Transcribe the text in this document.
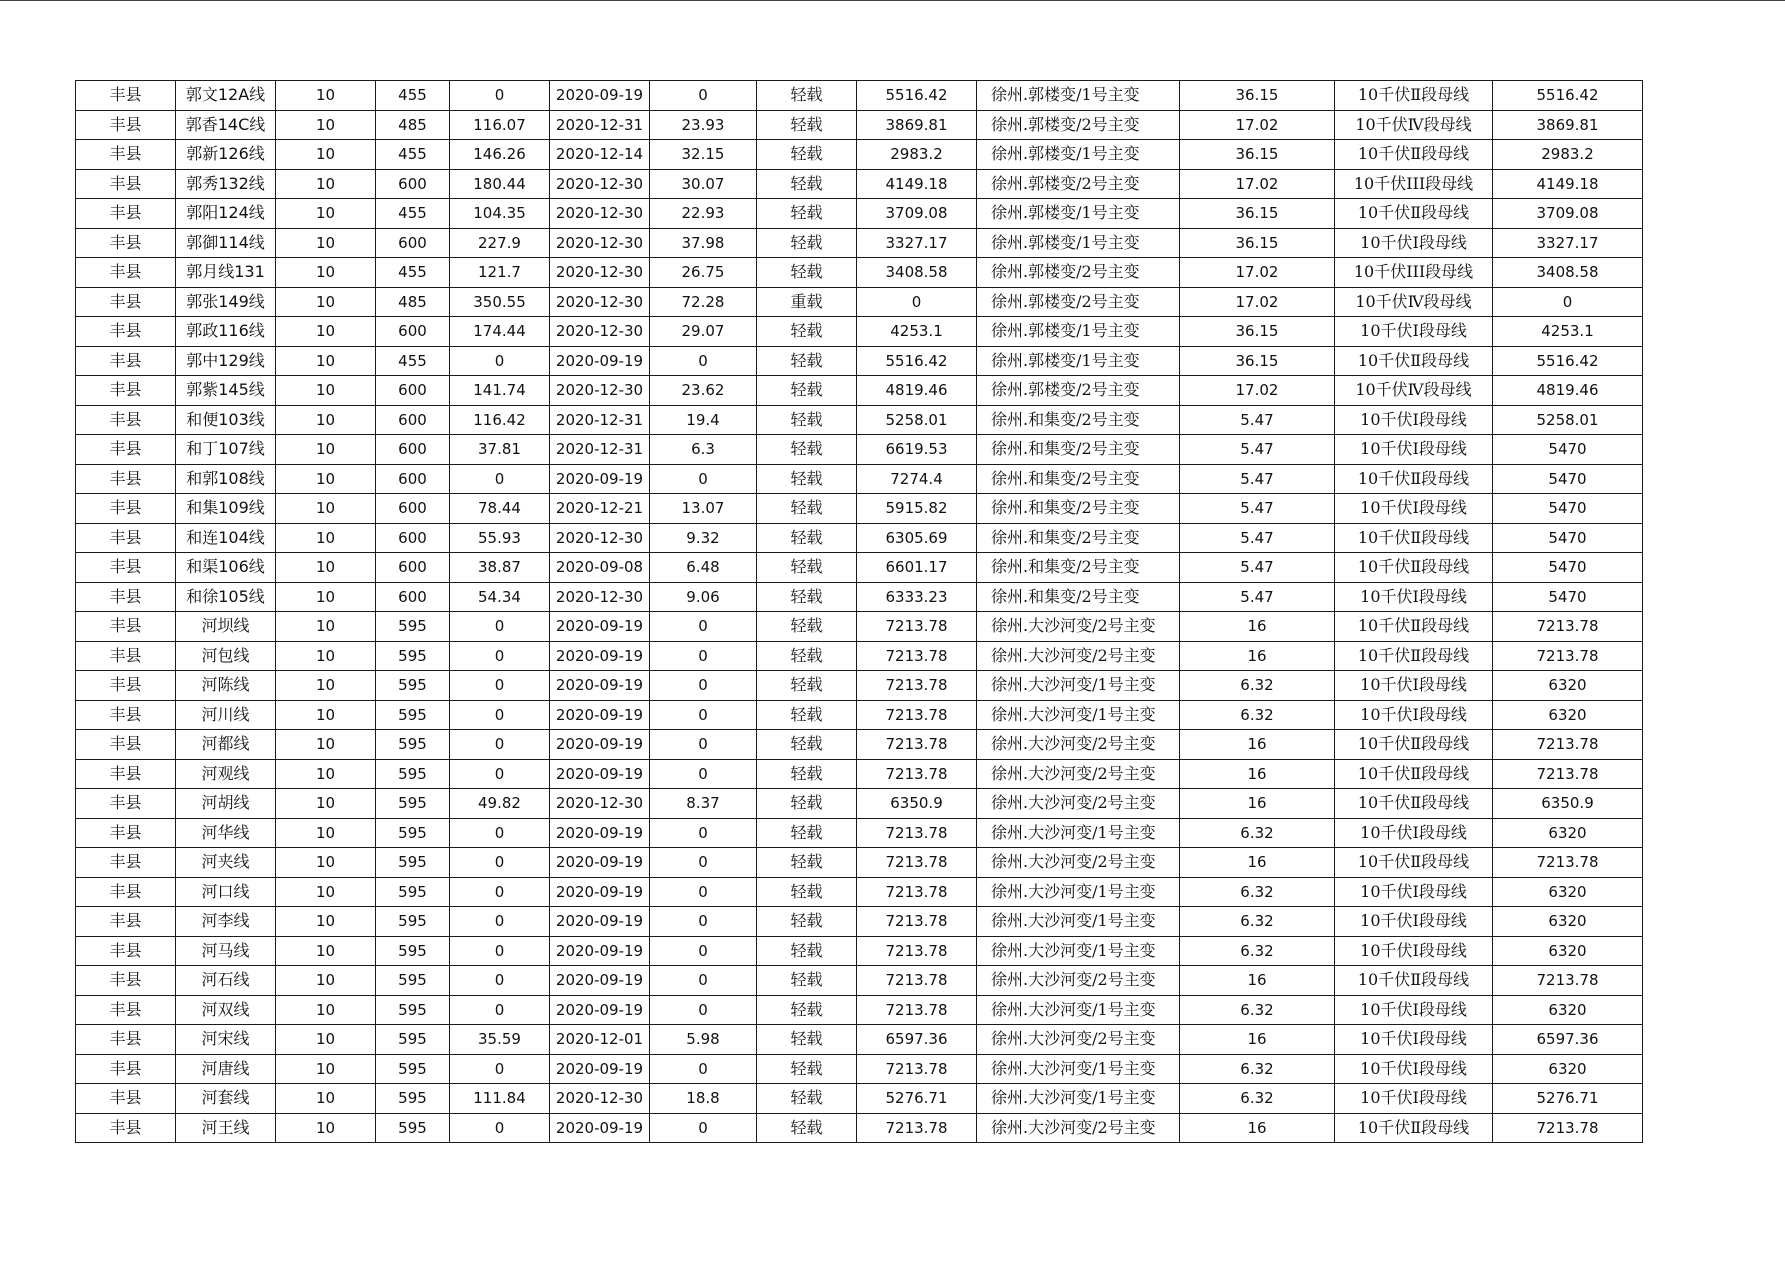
丰县	郭文12A线	10	455	0	2020-09-19	0	轻载	5516.42	徐州.郭楼变/1号主变	36.15	10千伏Ⅱ段母线	5516.42
丰县	郭香14C线	10	485	116.07	2020-12-31	23.93	轻载	3869.81	徐州.郭楼变/2号主变	17.02	10千伏Ⅳ段母线	3869.81
丰县	郭新126线	10	455	146.26	2020-12-14	32.15	轻载	2983.2	徐州.郭楼变/1号主变	36.15	10千伏Ⅱ段母线	2983.2
丰县	郭秀132线	10	600	180.44	2020-12-30	30.07	轻载	4149.18	徐州.郭楼变/2号主变	17.02	10千伏III段母线	4149.18
丰县	郭阳124线	10	455	104.35	2020-12-30	22.93	轻载	3709.08	徐州.郭楼变/1号主变	36.15	10千伏Ⅱ段母线	3709.08
丰县	郭御114线	10	600	227.9	2020-12-30	37.98	轻载	3327.17	徐州.郭楼变/1号主变	36.15	10千伏Ⅰ段母线	3327.17
丰县	郭月线131	10	455	121.7	2020-12-30	26.75	轻载	3408.58	徐州.郭楼变/2号主变	17.02	10千伏III段母线	3408.58
丰县	郭张149线	10	485	350.55	2020-12-30	72.28	重载	0	徐州.郭楼变/2号主变	17.02	10千伏Ⅳ段母线	0
丰县	郭政116线	10	600	174.44	2020-12-30	29.07	轻载	4253.1	徐州.郭楼变/1号主变	36.15	10千伏Ⅰ段母线	4253.1
丰县	郭中129线	10	455	0	2020-09-19	0	轻载	5516.42	徐州.郭楼变/1号主变	36.15	10千伏Ⅱ段母线	5516.42
丰县	郭紫145线	10	600	141.74	2020-12-30	23.62	轻载	4819.46	徐州.郭楼变/2号主变	17.02	10千伏Ⅳ段母线	4819.46
丰县	和便103线	10	600	116.42	2020-12-31	19.4	轻载	5258.01	徐州.和集变/2号主变	5.47	10千伏Ⅰ段母线	5258.01
丰县	和丁107线	10	600	37.81	2020-12-31	6.3	轻载	6619.53	徐州.和集变/2号主变	5.47	10千伏Ⅰ段母线	5470
丰县	和郭108线	10	600	0	2020-09-19	0	轻载	7274.4	徐州.和集变/2号主变	5.47	10千伏Ⅱ段母线	5470
丰县	和集109线	10	600	78.44	2020-12-21	13.07	轻载	5915.82	徐州.和集变/2号主变	5.47	10千伏Ⅰ段母线	5470
丰县	和连104线	10	600	55.93	2020-12-30	9.32	轻载	6305.69	徐州.和集变/2号主变	5.47	10千伏Ⅱ段母线	5470
丰县	和渠106线	10	600	38.87	2020-09-08	6.48	轻载	6601.17	徐州.和集变/2号主变	5.47	10千伏Ⅱ段母线	5470
丰县	和徐105线	10	600	54.34	2020-12-30	9.06	轻载	6333.23	徐州.和集变/2号主变	5.47	10千伏Ⅰ段母线	5470
丰县	河坝线	10	595	0	2020-09-19	0	轻载	7213.78	徐州.大沙河变/2号主变	16	10千伏Ⅱ段母线	7213.78
丰县	河包线	10	595	0	2020-09-19	0	轻载	7213.78	徐州.大沙河变/2号主变	16	10千伏Ⅱ段母线	7213.78
丰县	河陈线	10	595	0	2020-09-19	0	轻载	7213.78	徐州.大沙河变/1号主变	6.32	10千伏Ⅰ段母线	6320
丰县	河川线	10	595	0	2020-09-19	0	轻载	7213.78	徐州.大沙河变/1号主变	6.32	10千伏Ⅰ段母线	6320
丰县	河都线	10	595	0	2020-09-19	0	轻载	7213.78	徐州.大沙河变/2号主变	16	10千伏Ⅱ段母线	7213.78
丰县	河观线	10	595	0	2020-09-19	0	轻载	7213.78	徐州.大沙河变/2号主变	16	10千伏Ⅱ段母线	7213.78
丰县	河胡线	10	595	49.82	2020-12-30	8.37	轻载	6350.9	徐州.大沙河变/2号主变	16	10千伏Ⅱ段母线	6350.9
丰县	河华线	10	595	0	2020-09-19	0	轻载	7213.78	徐州.大沙河变/1号主变	6.32	10千伏Ⅰ段母线	6320
丰县	河夹线	10	595	0	2020-09-19	0	轻载	7213.78	徐州.大沙河变/2号主变	16	10千伏Ⅱ段母线	7213.78
丰县	河口线	10	595	0	2020-09-19	0	轻载	7213.78	徐州.大沙河变/1号主变	6.32	10千伏Ⅰ段母线	6320
丰县	河李线	10	595	0	2020-09-19	0	轻载	7213.78	徐州.大沙河变/1号主变	6.32	10千伏Ⅰ段母线	6320
丰县	河马线	10	595	0	2020-09-19	0	轻载	7213.78	徐州.大沙河变/1号主变	6.32	10千伏Ⅰ段母线	6320
丰县	河石线	10	595	0	2020-09-19	0	轻载	7213.78	徐州.大沙河变/2号主变	16	10千伏Ⅱ段母线	7213.78
丰县	河双线	10	595	0	2020-09-19	0	轻载	7213.78	徐州.大沙河变/1号主变	6.32	10千伏Ⅰ段母线	6320
丰县	河宋线	10	595	35.59	2020-12-01	5.98	轻载	6597.36	徐州.大沙河变/2号主变	16	10千伏Ⅰ段母线	6597.36
丰县	河唐线	10	595	0	2020-09-19	0	轻载	7213.78	徐州.大沙河变/1号主变	6.32	10千伏Ⅰ段母线	6320
丰县	河套线	10	595	111.84	2020-12-30	18.8	轻载	5276.71	徐州.大沙河变/1号主变	6.32	10千伏Ⅰ段母线	5276.71
丰县	河王线	10	595	0	2020-09-19	0	轻载	7213.78	徐州.大沙河变/2号主变	16	10千伏Ⅱ段母线	7213.78
